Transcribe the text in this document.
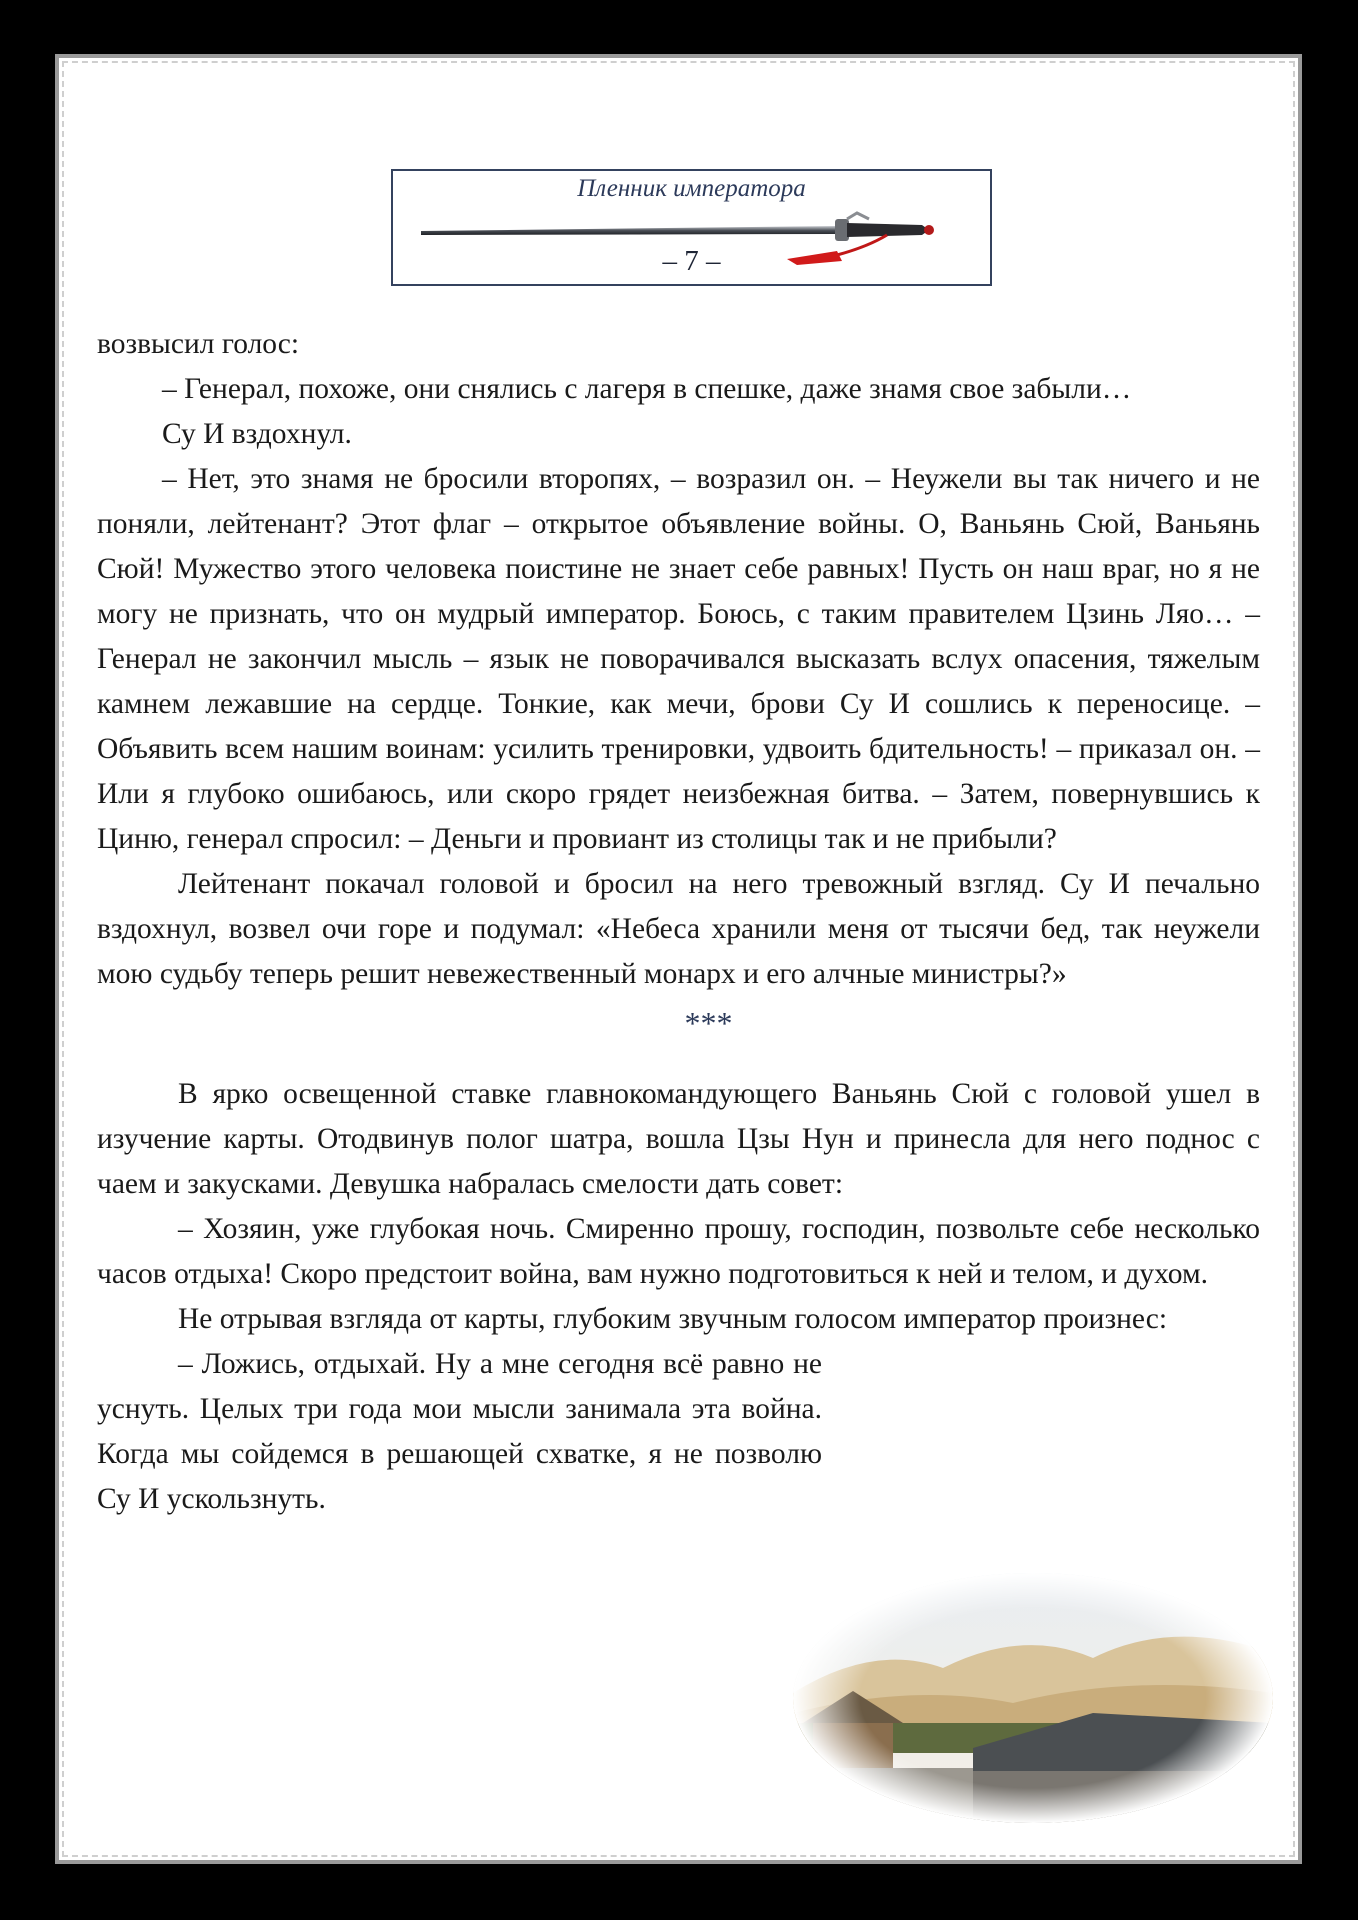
Пленник императора
– 7 –

возвысил голос:

– Генерал, похоже, они снялись с лагеря в спешке, даже знамя свое забыли…

Су И вздохнул.

– Нет, это знамя не бросили второпях, – возразил он. – Неужели вы так ничего и не поняли, лейтенант? Этот флаг – открытое объявление войны. О, Ваньянь Сюй, Ваньянь Сюй! Мужество этого человека поистине не знает себе равных! Пусть он наш враг, но я не могу не признать, что он мудрый император. Боюсь, с таким правителем Цзинь Ляо… – Генерал не закончил мысль – язык не поворачивался высказать вслух опасения, тяжелым камнем лежавшие на сердце. Тонкие, как мечи, брови Су И сошлись к переносице. – Объявить всем нашим воинам: усилить тренировки, удвоить бдительность! – приказал он. – Или я глубоко ошибаюсь, или скоро грядет неизбежная битва. – Затем, повернувшись к Циню, генерал спросил: – Деньги и провиант из столицы так и не прибыли?

Лейтенант покачал головой и бросил на него тревожный взгляд. Су И печально вздохнул, возвел очи горе и подумал: «Небеса хранили меня от тысячи бед, так неужели мою судьбу теперь решит невежественный монарх и его алчные министры?»

***

В ярко освещенной ставке главнокомандующего Ваньянь Сюй с головой ушел в изучение карты. Отодвинув полог шатра, вошла Цзы Нун и принесла для него поднос с чаем и закусками. Девушка набралась смелости дать совет:

– Хозяин, уже глубокая ночь. Смиренно прошу, господин, позвольте себе несколько часов отдыха! Скоро предстоит война, вам нужно подготовиться к ней и телом, и духом.

Не отрывая взгляда от карты, глубоким звучным голосом император произнес:

– Ложись, отдыхай. Ну а мне сегодня всё равно не уснуть. Целых три года мои мысли занимала эта война. Когда мы сойдемся в решающей схватке, я не позволю Су И ускользнуть.
